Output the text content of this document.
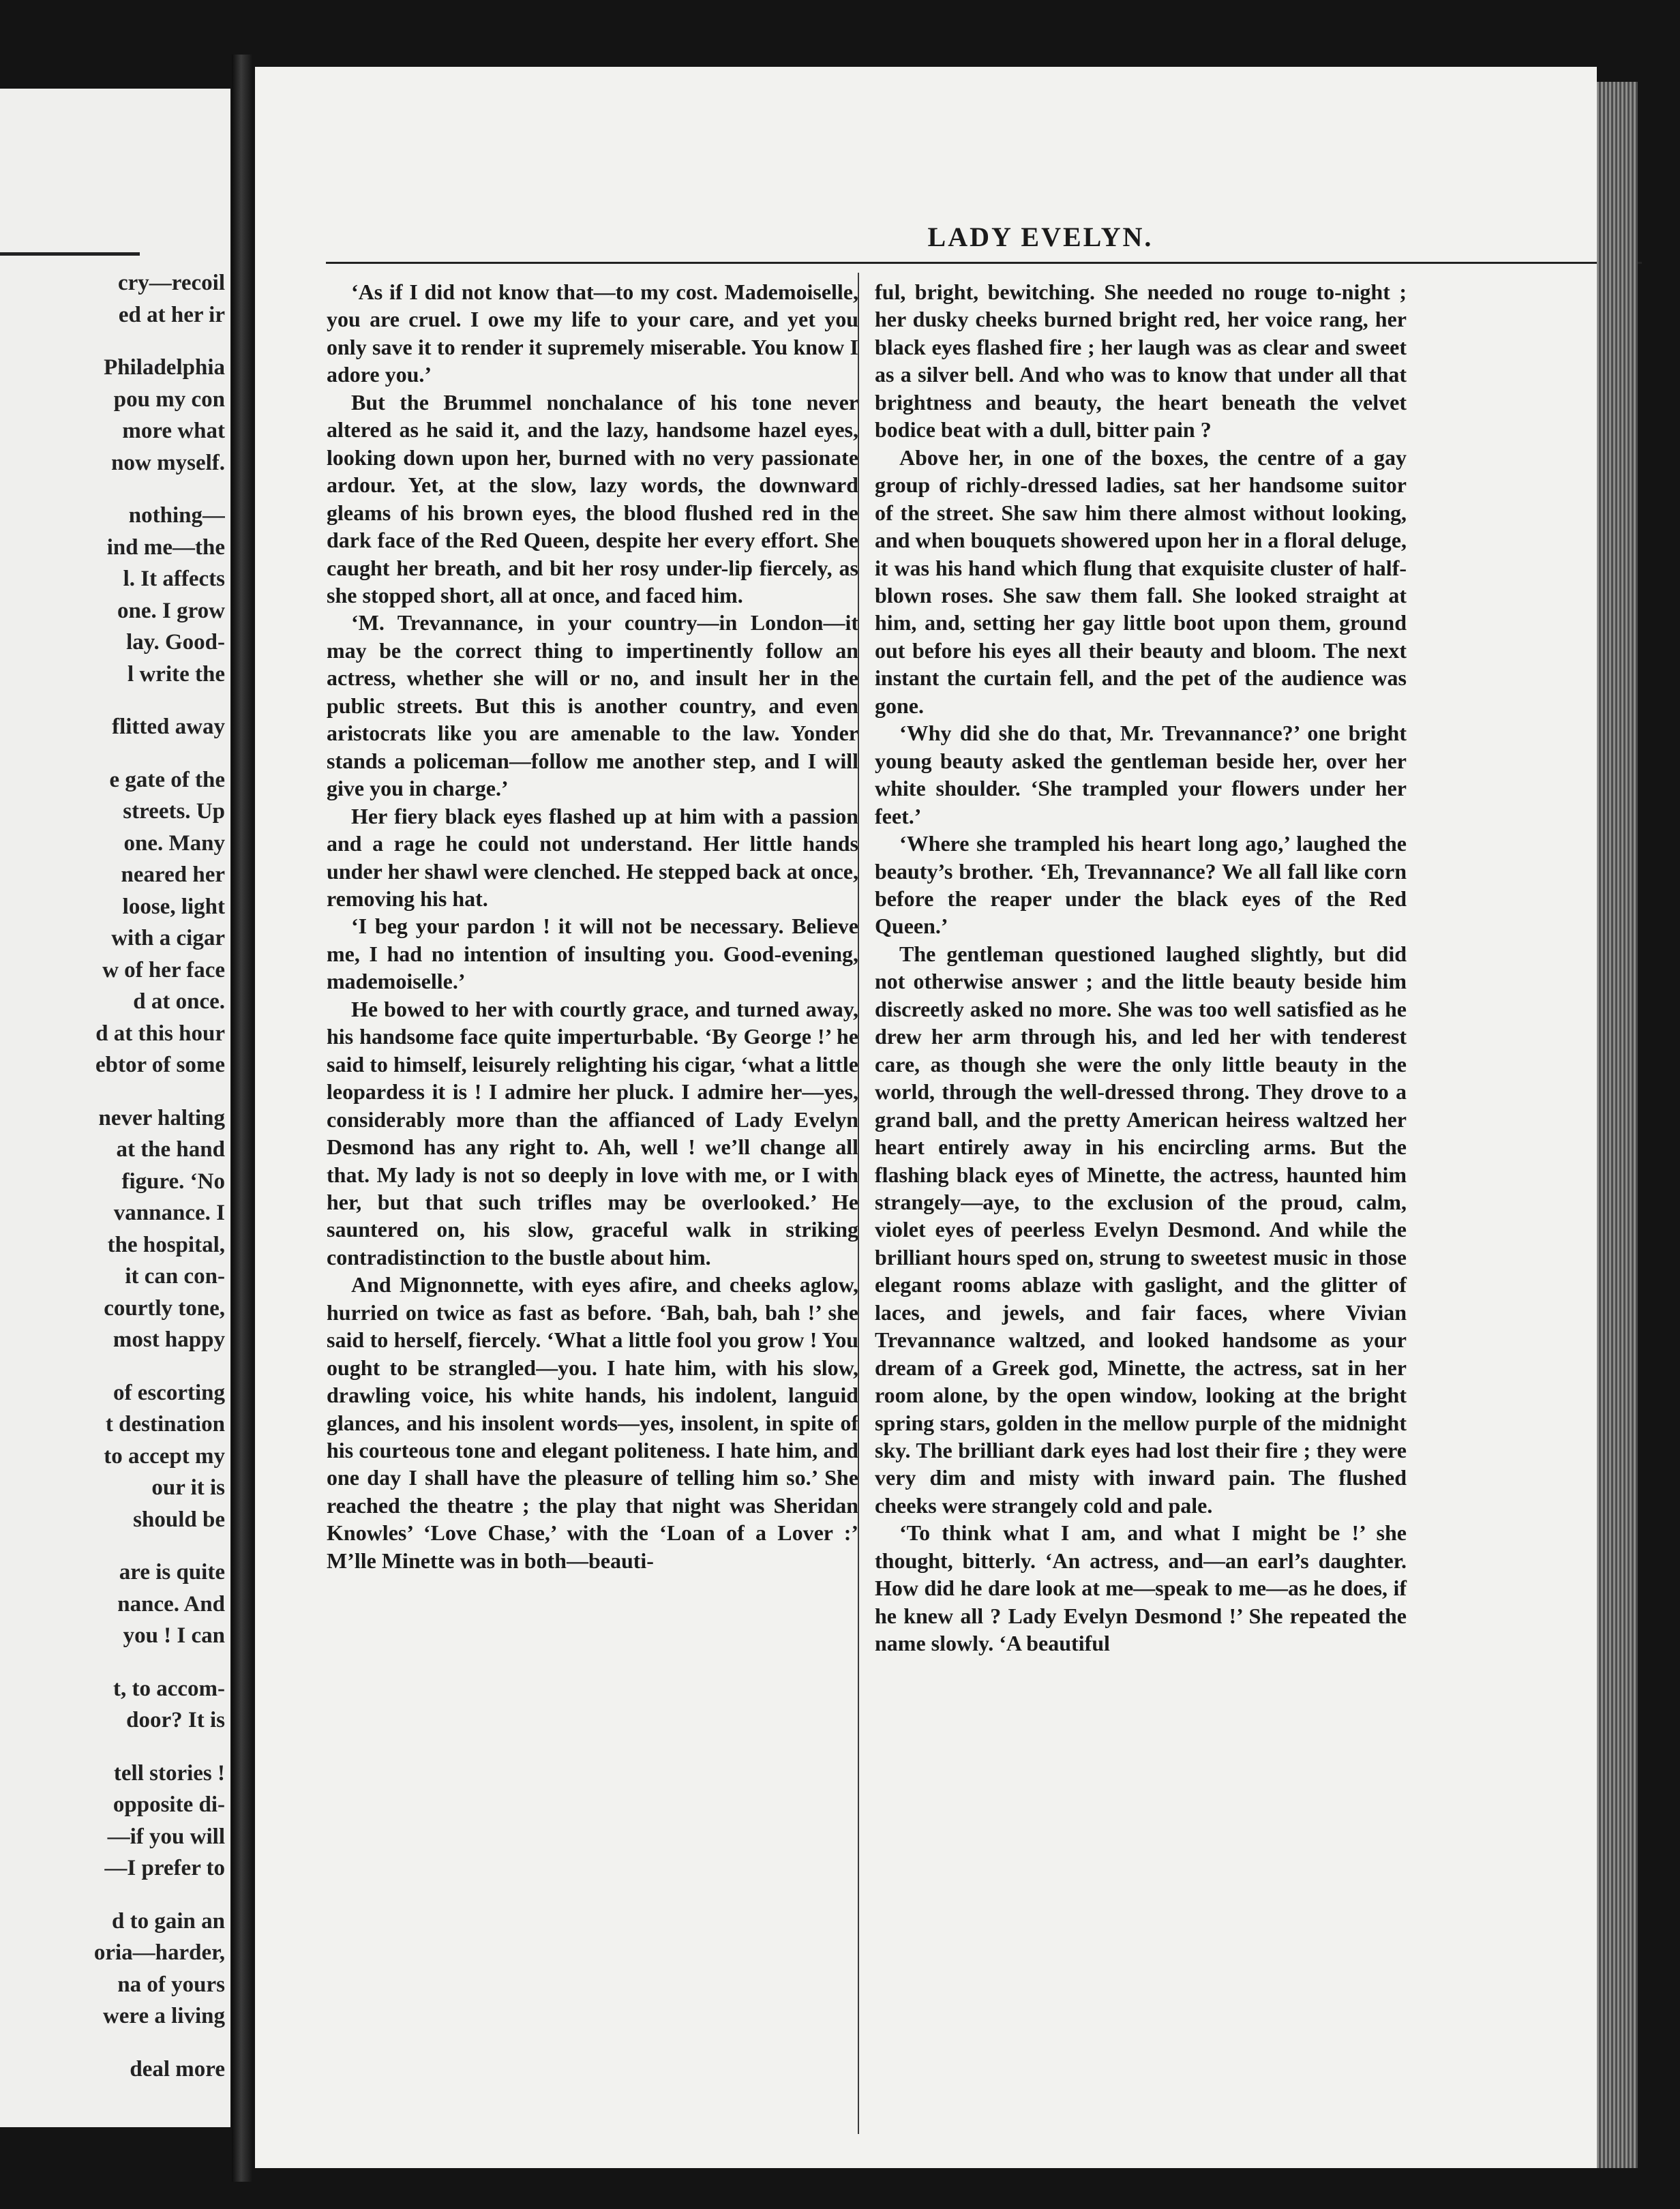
cry—recoil
ed at her ir
Philadelphia
pou my con
more what
now myself.
nothing—
ind me—the
l. It affects
one. I grow
lay. Good-
l write the
flitted away
e gate of the
streets. Up
one. Many
neared her
loose, light
with a cigar
w of her face
d at once.
d at this hour
ebtor of some
never halting
at the hand
figure. ‘No
vannance. I
the hospital,
it can con-
courtly tone,
most happy
of escorting
t destination
to accept my
our it is
should be
are is quite
nance. And
you ! I can
t, to accom-
door? It is
tell stories !
opposite di-
—if you will
—I prefer to
d to gain an
oria—harder,
na of yours
were a living
deal more
LADY EVELYN.

‘As if I did not know that—to my cost. Mademoiselle, you are cruel. I owe my life to your care, and yet you only save it to render it supremely miserable. You know I adore you.’

But the Brummel nonchalance of his tone never altered as he said it, and the lazy, handsome hazel eyes, looking down upon her, burned with no very passionate ardour. Yet, at the slow, lazy words, the downward gleams of his brown eyes, the blood flushed red in the dark face of the Red Queen, despite her every effort. She caught her breath, and bit her rosy under-lip fiercely, as she stopped short, all at once, and faced him.

‘M. Trevannance, in your country—in London—it may be the correct thing to impertinently follow an actress, whether she will or no, and insult her in the public streets. But this is another country, and even aristocrats like you are amenable to the law. Yonder stands a policeman—follow me another step, and I will give you in charge.’

Her fiery black eyes flashed up at him with a passion and a rage he could not understand. Her little hands under her shawl were clenched. He stepped back at once, removing his hat.

‘I beg your pardon ! it will not be necessary. Believe me, I had no intention of insulting you. Good-evening, mademoiselle.’

He bowed to her with courtly grace, and turned away, his handsome face quite imperturbable. ‘By George !’ he said to himself, leisurely relighting his cigar, ‘what a little leopardess it is ! I admire her pluck. I admire her—yes, considerably more than the affianced of Lady Evelyn Desmond has any right to. Ah, well ! we’ll change all that. My lady is not so deeply in love with me, or I with her, but that such trifles may be overlooked.’ He sauntered on, his slow, graceful walk in striking contradistinction to the bustle about him.

And Mignonnette, with eyes afire, and cheeks aglow, hurried on twice as fast as before. ‘Bah, bah, bah !’ she said to herself, fiercely. ‘What a little fool you grow ! You ought to be strangled—you. I hate him, with his slow, drawling voice, his white hands, his indolent, languid glances, and his insolent words—yes, insolent, in spite of his courteous tone and elegant politeness. I hate him, and one day I shall have the pleasure of telling him so.’ She reached the theatre ; the play that night was Sheridan Knowles’ ‘Love Chase,’ with the ‘Loan of a Lover :’ M’lle Minette was in both—beauti-

ful, bright, bewitching. She needed no rouge to-night ; her dusky cheeks burned bright red, her voice rang, her black eyes flashed fire ; her laugh was as clear and sweet as a silver bell. And who was to know that under all that brightness and beauty, the heart beneath the velvet bodice beat with a dull, bitter pain ?

Above her, in one of the boxes, the centre of a gay group of richly-dressed ladies, sat her handsome suitor of the street. She saw him there almost without looking, and when bouquets showered upon her in a floral deluge, it was his hand which flung that exquisite cluster of half-blown roses. She saw them fall. She looked straight at him, and, setting her gay little boot upon them, ground out before his eyes all their beauty and bloom. The next instant the curtain fell, and the pet of the audience was gone.

‘Why did she do that, Mr. Trevannance?’ one bright young beauty asked the gentleman beside her, over her white shoulder. ‘She trampled your flowers under her feet.’

‘Where she trampled his heart long ago,’ laughed the beauty’s brother. ‘Eh, Trevannance? We all fall like corn before the reaper under the black eyes of the Red Queen.’

The gentleman questioned laughed slightly, but did not otherwise answer ; and the little beauty beside him discreetly asked no more. She was too well satisfied as he drew her arm through his, and led her with tenderest care, as though she were the only little beauty in the world, through the well-dressed throng. They drove to a grand ball, and the pretty American heiress waltzed her heart entirely away in his encircling arms. But the flashing black eyes of Minette, the actress, haunted him strangely—aye, to the exclusion of the proud, calm, violet eyes of peerless Evelyn Desmond. And while the brilliant hours sped on, strung to sweetest music in those elegant rooms ablaze with gaslight, and the glitter of laces, and jewels, and fair faces, where Vivian Trevannance waltzed, and looked handsome as your dream of a Greek god, Minette, the actress, sat in her room alone, by the open window, looking at the bright spring stars, golden in the mellow purple of the midnight sky. The brilliant dark eyes had lost their fire ; they were very dim and misty with inward pain. The flushed cheeks were strangely cold and pale.

‘To think what I am, and what I might be !’ she thought, bitterly. ‘An actress, and—an earl’s daughter. How did he dare look at me—speak to me—as he does, if he knew all ? Lady Evelyn Desmond !’ She repeated the name slowly. ‘A beautiful
